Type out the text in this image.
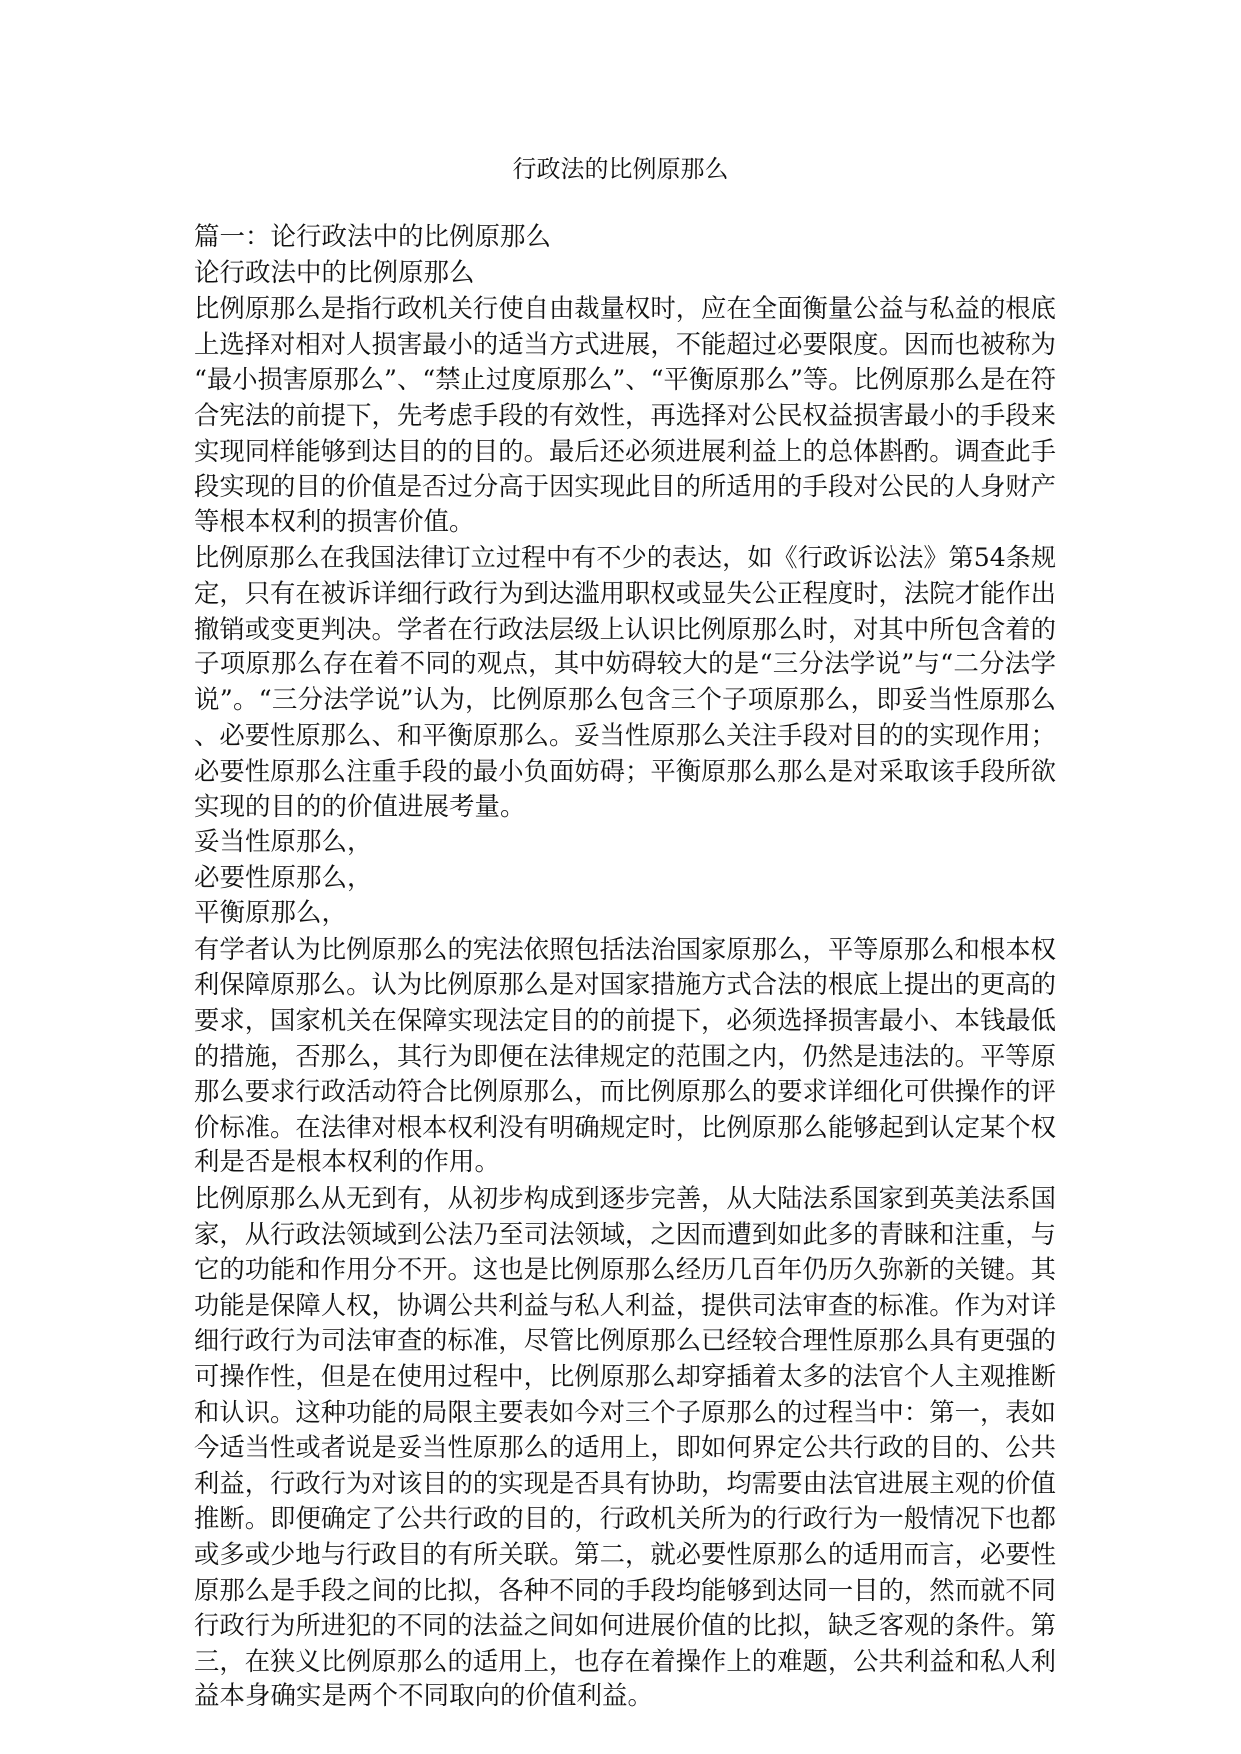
行政法的比例原那么
篇一：论行政法中的比例原那么
论行政法中的比例原那么
比例原那么是指行政机关行使自由裁量权时，应在全面衡量公益与私益的根底
上选择对相对人损害最小的适当方式进展，不能超过必要限度。因而也被称为
“最小损害原那么”、“禁止过度原那么”、“平衡原那么”等。比例原那么是在符
合宪法的前提下，先考虑手段的有效性，再选择对公民权益损害最小的手段来
实现同样能够到达目的的目的。最后还必须进展利益上的总体斟酌。调查此手
段实现的目的价值是否过分高于因实现此目的所适用的手段对公民的人身财产
等根本权利的损害价值。
比例原那么在我国法律订立过程中有不少的表达，如《行政诉讼法》第54条规
定，只有在被诉详细行政行为到达滥用职权或显失公正程度时，法院才能作出
撤销或变更判决。学者在行政法层级上认识比例原那么时，对其中所包含着的
子项原那么存在着不同的观点，其中妨碍较大的是“三分法学说”与“二分法学
说”。“三分法学说”认为，比例原那么包含三个子项原那么，即妥当性原那么
、必要性原那么、和平衡原那么。妥当性原那么关注手段对目的的实现作用；
必要性原那么注重手段的最小负面妨碍；平衡原那么那么是对采取该手段所欲
实现的目的的价值进展考量。
妥当性原那么，
必要性原那么，
平衡原那么，
有学者认为比例原那么的宪法依照包括法治国家原那么，平等原那么和根本权
利保障原那么。认为比例原那么是对国家措施方式合法的根底上提出的更高的
要求，国家机关在保障实现法定目的的前提下，必须选择损害最小、本钱最低
的措施，否那么，其行为即便在法律规定的范围之内，仍然是违法的。平等原
那么要求行政活动符合比例原那么，而比例原那么的要求详细化可供操作的评
价标准。在法律对根本权利没有明确规定时，比例原那么能够起到认定某个权
利是否是根本权利的作用。
比例原那么从无到有，从初步构成到逐步完善，从大陆法系国家到英美法系国
家，从行政法领域到公法乃至司法领域，之因而遭到如此多的青睐和注重，与
它的功能和作用分不开。这也是比例原那么经历几百年仍历久弥新的关键。其
功能是保障人权，协调公共利益与私人利益，提供司法审查的标准。作为对详
细行政行为司法审查的标准，尽管比例原那么已经较合理性原那么具有更强的
可操作性，但是在使用过程中，比例原那么却穿插着太多的法官个人主观推断
和认识。这种功能的局限主要表如今对三个子原那么的过程当中：第一，表如
今适当性或者说是妥当性原那么的适用上，即如何界定公共行政的目的、公共
利益，行政行为对该目的的实现是否具有协助，均需要由法官进展主观的价值
推断。即便确定了公共行政的目的，行政机关所为的行政行为一般情况下也都
或多或少地与行政目的有所关联。第二，就必要性原那么的适用而言，必要性
原那么是手段之间的比拟，各种不同的手段均能够到达同一目的，然而就不同
行政行为所进犯的不同的法益之间如何进展价值的比拟，缺乏客观的条件。第
三，在狭义比例原那么的适用上，也存在着操作上的难题，公共利益和私人利
益本身确实是两个不同取向的价值利益。
